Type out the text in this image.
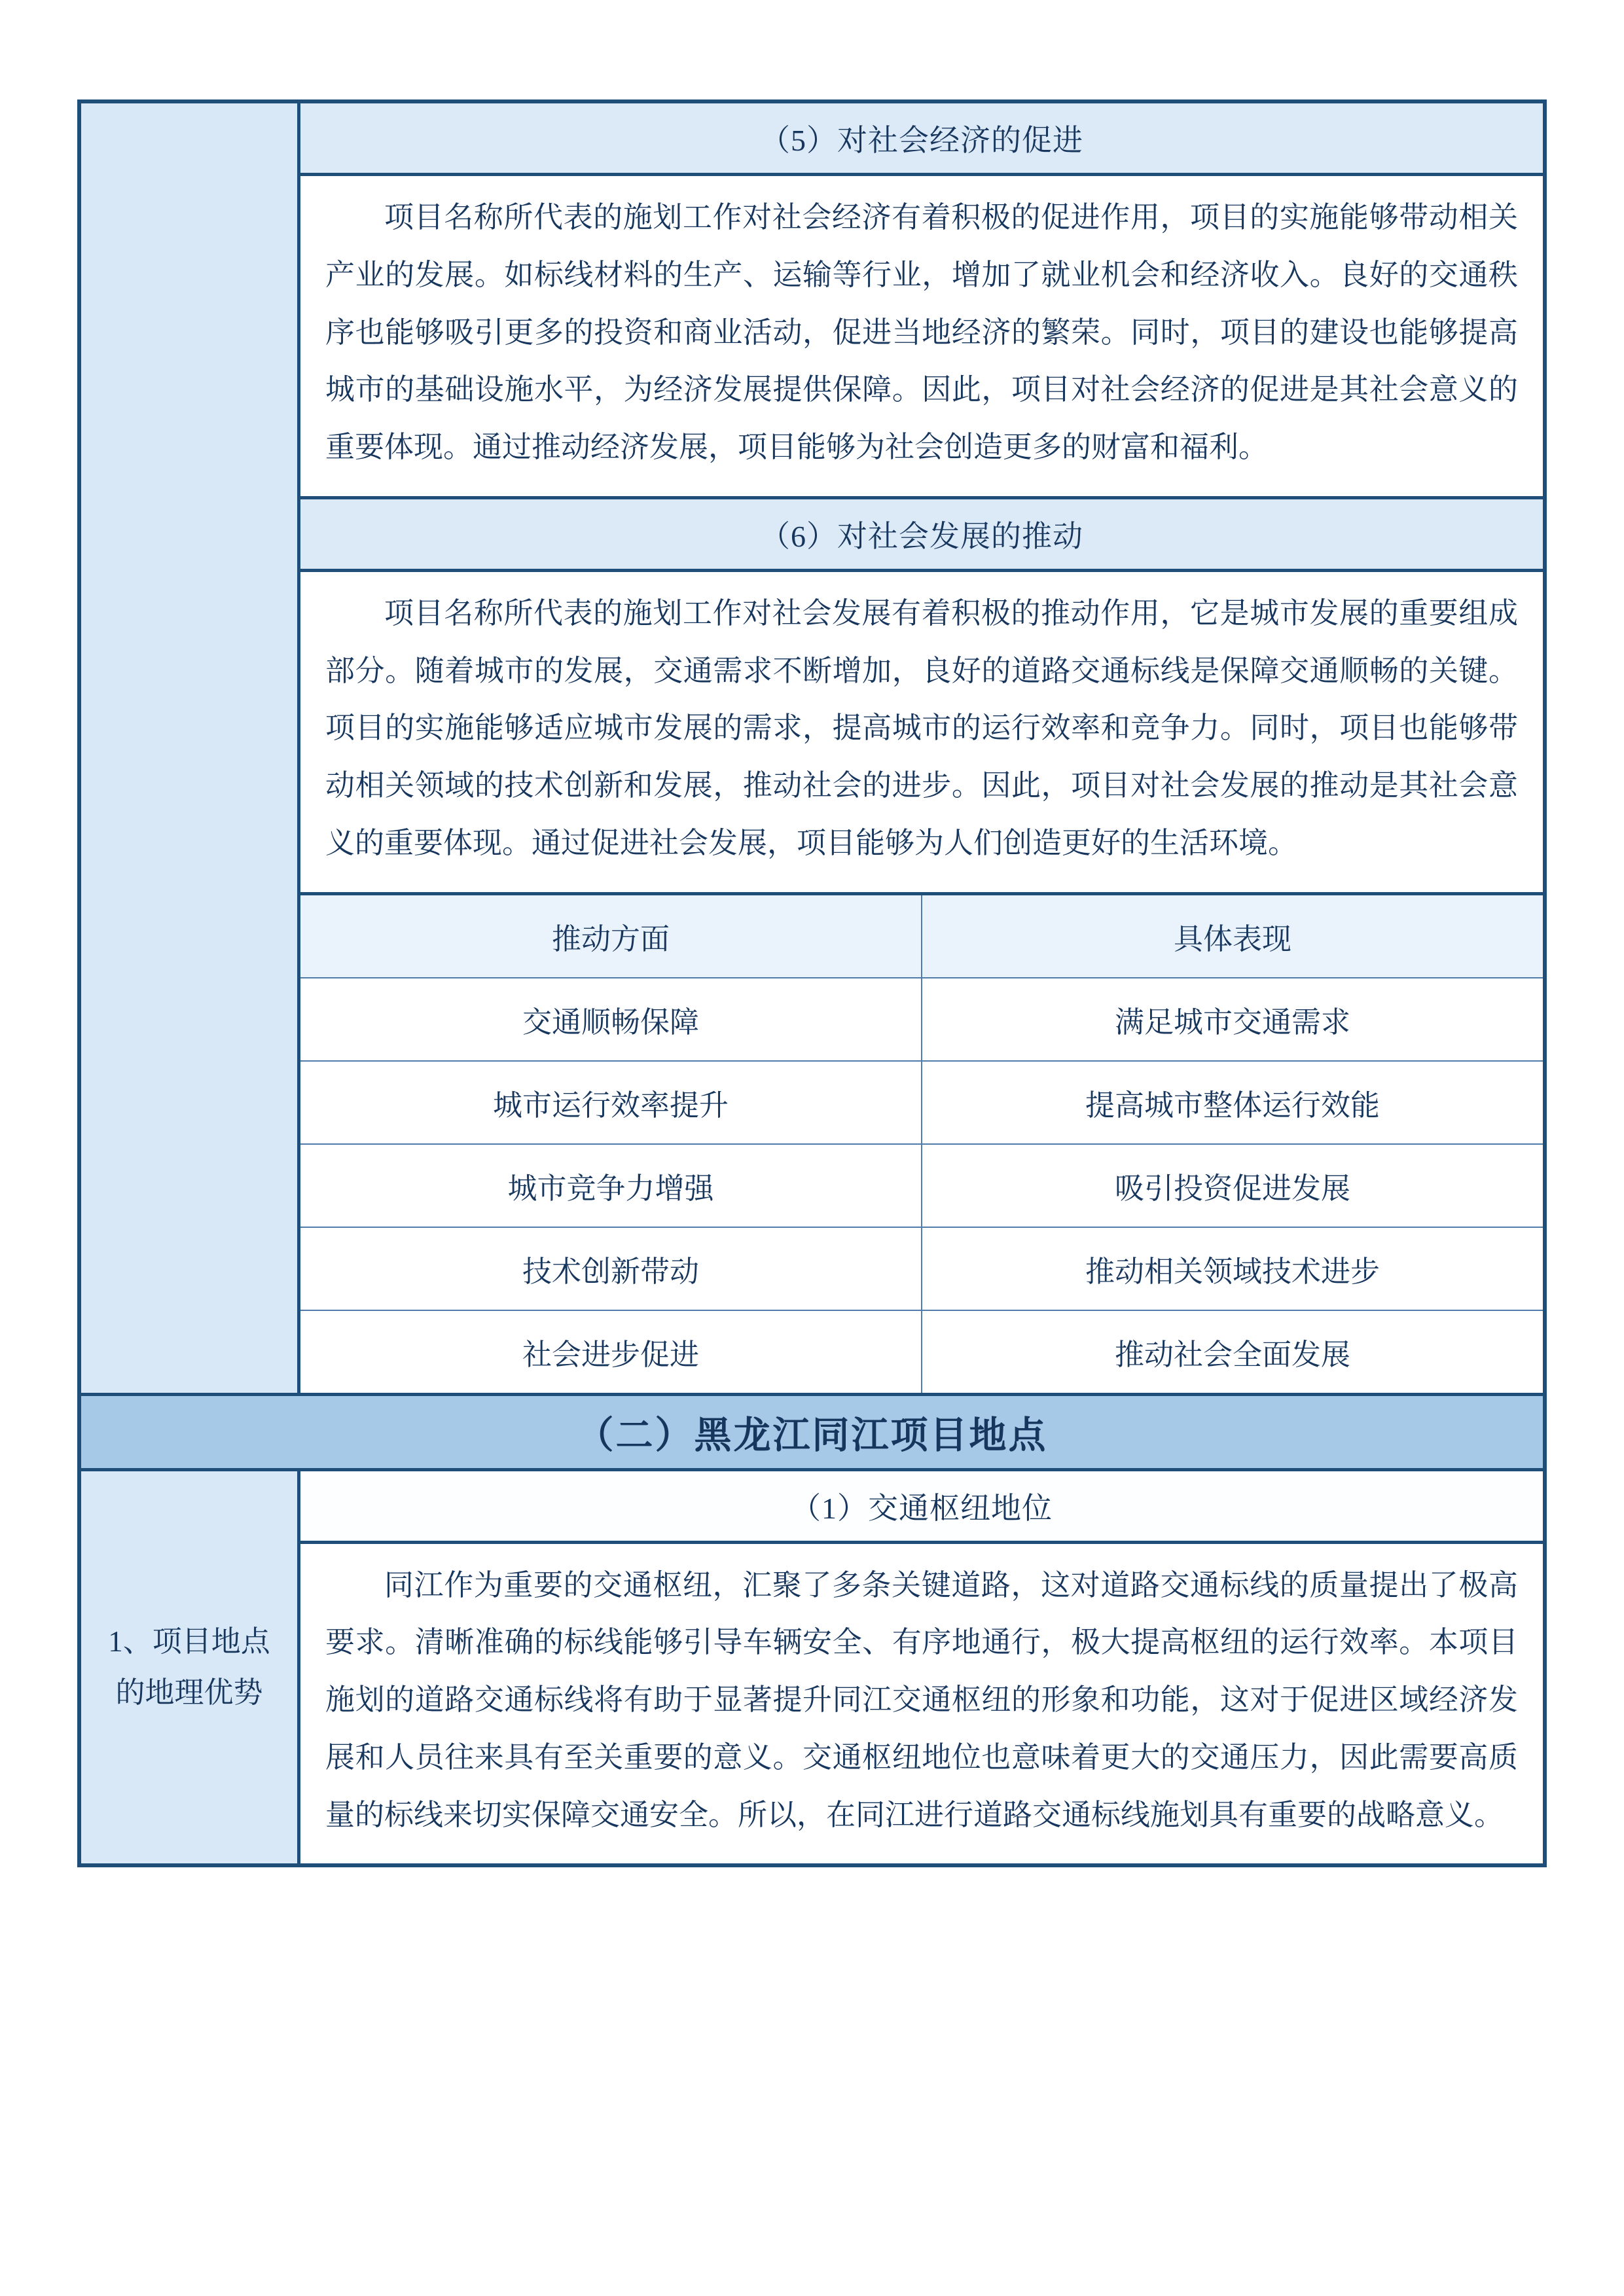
（5）对社会经济的促进
项目名称所代表的施划工作对社会经济有着积极的促进作用，项目的实施能够带动相关产业的发展。如标线材料的生产、运输等行业，增加了就业机会和经济收入。良好的交通秩序也能够吸引更多的投资和商业活动，促进当地经济的繁荣。同时，项目的建设也能够提高城市的基础设施水平，为经济发展提供保障。因此，项目对社会经济的促进是其社会意义的重要体现。通过推动经济发展，项目能够为社会创造更多的财富和福利。
（6）对社会发展的推动
项目名称所代表的施划工作对社会发展有着积极的推动作用，它是城市发展的重要组成部分。随着城市的发展，交通需求不断增加，良好的道路交通标线是保障交通顺畅的关键。项目的实施能够适应城市发展的需求，提高城市的运行效率和竞争力。同时，项目也能够带动相关领域的技术创新和发展，推动社会的进步。因此，项目对社会发展的推动是其社会意义的重要体现。通过促进社会发展，项目能够为人们创造更好的生活环境。
推动方面	具体表现
交通顺畅保障	满足城市交通需求
城市运行效率提升	提高城市整体运行效能
城市竞争力增强	吸引投资促进发展
技术创新带动	推动相关领域技术进步
社会进步促进	推动社会全面发展
（二）黑龙江同江项目地点
1、项目地点的地理优势
（1）交通枢纽地位
同江作为重要的交通枢纽，汇聚了多条关键道路，这对道路交通标线的质量提出了极高要求。清晰准确的标线能够引导车辆安全、有序地通行，极大提高枢纽的运行效率。本项目施划的道路交通标线将有助于显著提升同江交通枢纽的形象和功能，这对于促进区域经济发展和人员往来具有至关重要的意义。交通枢纽地位也意味着更大的交通压力，因此需要高质量的标线来切实保障交通安全。所以，在同江进行道路交通标线施划具有重要的战略意义。
